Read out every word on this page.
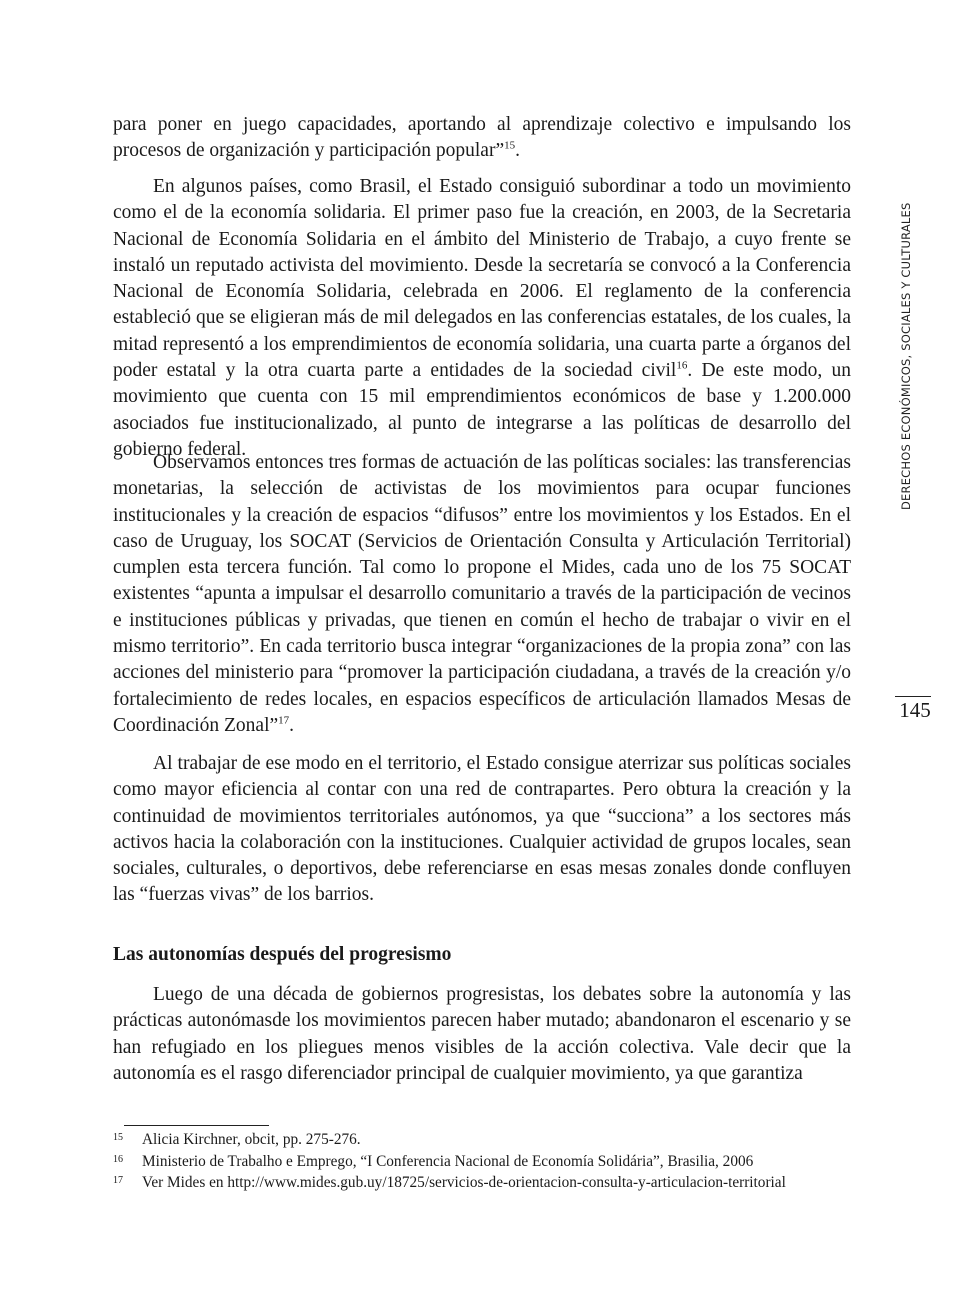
para poner en juego capacidades, aportando al aprendizaje colectivo e impulsando los procesos de organización y participación popular”$^{15}$.

En algunos países, como Brasil, el Estado consiguió subordinar a todo un movimiento como el de la economía solidaria. El primer paso fue la creación, en 2003, de la Secretaria Nacional de Economía Solidaria en el ámbito del Ministerio de Trabajo, a cuyo frente se instaló un reputado activista del movimiento. Desde la secretaría se convocó a la Conferencia Nacional de Economía Solidaria, celebrada en 2006. El reglamento de la conferencia estableció que se eligieran más de mil delegados en las conferencias estatales, de los cuales, la mitad representó a los emprendimientos de economía solidaria, una cuarta parte a órganos del poder estatal y la otra cuarta parte a entidades de la sociedad civil$^{16}$. De este modo, un movimiento que cuenta con 15 mil emprendimientos económicos de base y 1.200.000 asociados fue institucionalizado, al punto de integrarse a las políticas de desarrollo del gobierno federal.

Observamos entonces tres formas de actuación de las políticas sociales: las transferencias monetarias, la selección de activistas de los movimientos para ocupar funciones institucionales y la creación de espacios “difusos” entre los movimientos y los Estados. En el caso de Uruguay, los SOCAT (Servicios de Orientación Consulta y Articulación Territorial) cumplen esta tercera función. Tal como lo propone el Mides, cada uno de los 75 SOCAT existentes “apunta a impulsar el desarrollo comunitario a través de la participación de vecinos e instituciones públicas y privadas, que tienen en común el hecho de trabajar o vivir en el mismo territorio”. En cada territorio busca integrar “organizaciones de la propia zona” con las acciones del ministerio para “promover la participación ciudadana, a través de la creación y/o fortalecimiento de redes locales, en espacios específicos de articulación llamados Mesas de Coordinación Zonal”$^{17}$.

Al trabajar de ese modo en el territorio, el Estado consigue aterrizar sus políticas sociales como mayor eficiencia al contar con una red de contrapartes. Pero obtura la creación y la continuidad de movimientos territoriales autónomos, ya que “succiona” a los sectores más activos hacia la colaboración con la instituciones. Cualquier actividad de grupos locales, sean sociales, culturales, o deportivos, debe referenciarse en esas mesas zonales donde confluyen las “fuerzas vivas” de los barrios.

Las autonomías después del progresismo

Luego de una década de gobiernos progresistas, los debates sobre la autonomía y las prácticas autonómasde los movimientos parecen haber mutado; abandonaron el escenario y se han refugiado en los pliegues menos visibles de la acción colectiva. Vale decir que la autonomía es el rasgo diferenciador principal de cualquier movimiento, ya que garantiza

DERECHOS ECONÓMICOS, SOCIALES Y CULTURALES
145
15 Alicia Kirchner, obcit, pp. 275-276.
16 Ministerio de Trabalho e Emprego, “I Conferencia Nacional de Economía Solidária”, Brasilia, 2006
17 Ver Mides en http://www.mides.gub.uy/18725/servicios-de-orientacion-consulta-y-articulacion-territorial
